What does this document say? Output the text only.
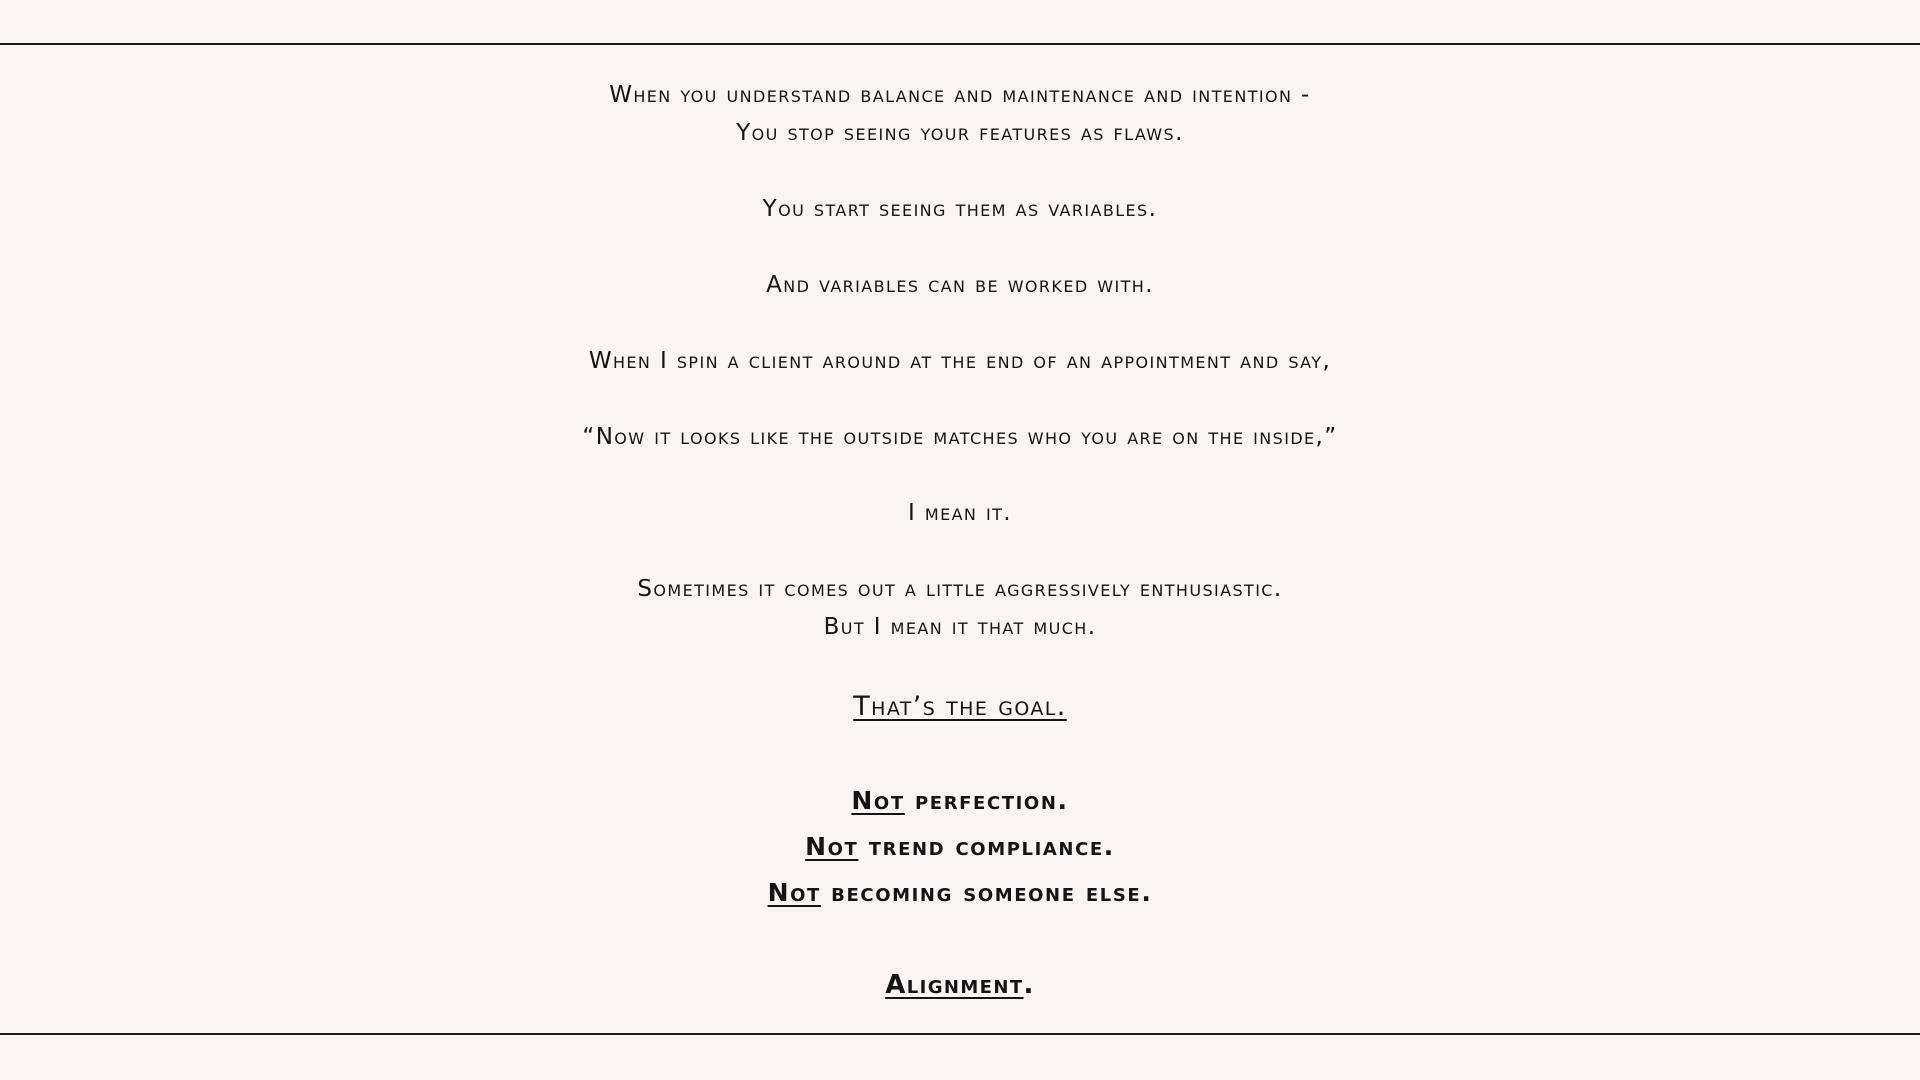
When you understand balance and maintenance and intention -
You stop seeing your features as flaws.
You start seeing them as variables.
And variables can be worked with.
When I spin a client around at the end of an appointment and say,
“Now it looks like the outside matches who you are on the inside,”
I mean it.
Sometimes it comes out a little aggressively enthusiastic.
But I mean it that much.
That’s the goal.
Not perfection.
Not trend compliance.
Not becoming someone else.
Alignment.
